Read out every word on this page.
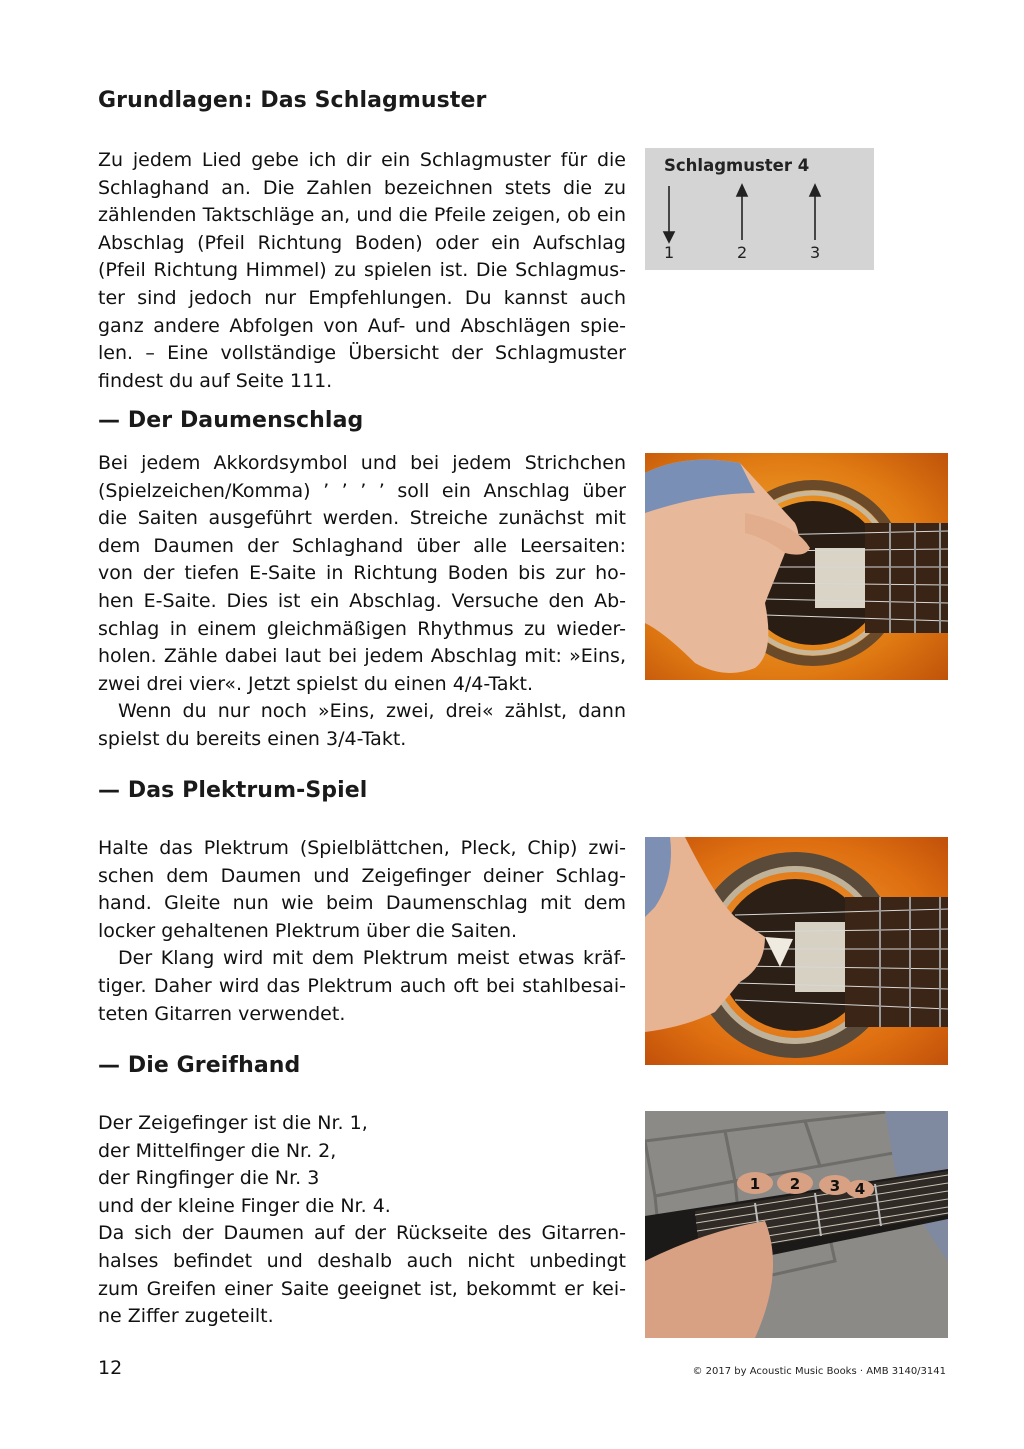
Grundlagen: Das Schlagmuster
Zu jedem Lied gebe ich dir ein Schlagmuster für die
Schlaghand an. Die Zahlen bezeichnen stets die zu
zählenden Taktschläge an, und die Pfeile zeigen, ob ein
Abschlag (Pfeil Richtung Boden) oder ein Aufschlag
(Pfeil Richtung Himmel) zu spielen ist. Die Schlagmus-
ter sind jedoch nur Empfehlungen. Du kannst auch
ganz andere Abfolgen von Auf- und Abschlägen spie-
len. – Eine vollständige Übersicht der Schlagmuster
findest du auf Seite 111.
Schlagmuster 4
1	2	3
— Der Daumenschlag
Bei jedem Akkordsymbol und bei jedem Strichchen
(Spielzeichen/Komma) ’ ’ ’ ’ soll ein Anschlag über
die Saiten ausgeführt werden. Streiche zunächst mit
dem Daumen der Schlaghand über alle Leersaiten:
von der tiefen E-Saite in Richtung Boden bis zur ho-
hen E-Saite. Dies ist ein Abschlag. Versuche den Ab-
schlag in einem gleichmäßigen Rhythmus zu wieder-
holen. Zähle dabei laut bei jedem Abschlag mit: »Eins,
zwei drei vier«. Jetzt spielst du einen 4/4-Takt.
Wenn du nur noch »Eins, zwei, drei« zählst, dann
spielst du bereits einen 3/4-Takt.
— Das Plektrum-Spiel
Halte das Plektrum (Spielblättchen, Pleck, Chip) zwi-
schen dem Daumen und Zeigefinger deiner Schlag-
hand. Gleite nun wie beim Daumenschlag mit dem
locker gehaltenen Plektrum über die Saiten.
Der Klang wird mit dem Plektrum meist etwas kräf-
tiger. Daher wird das Plektrum auch oft bei stahlbesai-
teten Gitarren verwendet.
— Die Greifhand
Der Zeigefinger ist die Nr. 1,
der Mittelfinger die Nr. 2,
der Ringfinger die Nr. 3
und der kleine Finger die Nr. 4.
Da sich der Daumen auf der Rückseite des Gitarren-
halses befindet und deshalb auch nicht unbedingt
zum Greifen einer Saite geeignet ist, bekommt er kei-
ne Ziffer zugeteilt.
1 2 3 4
12	© 2017 by Acoustic Music Books · AMB 3140/3141
